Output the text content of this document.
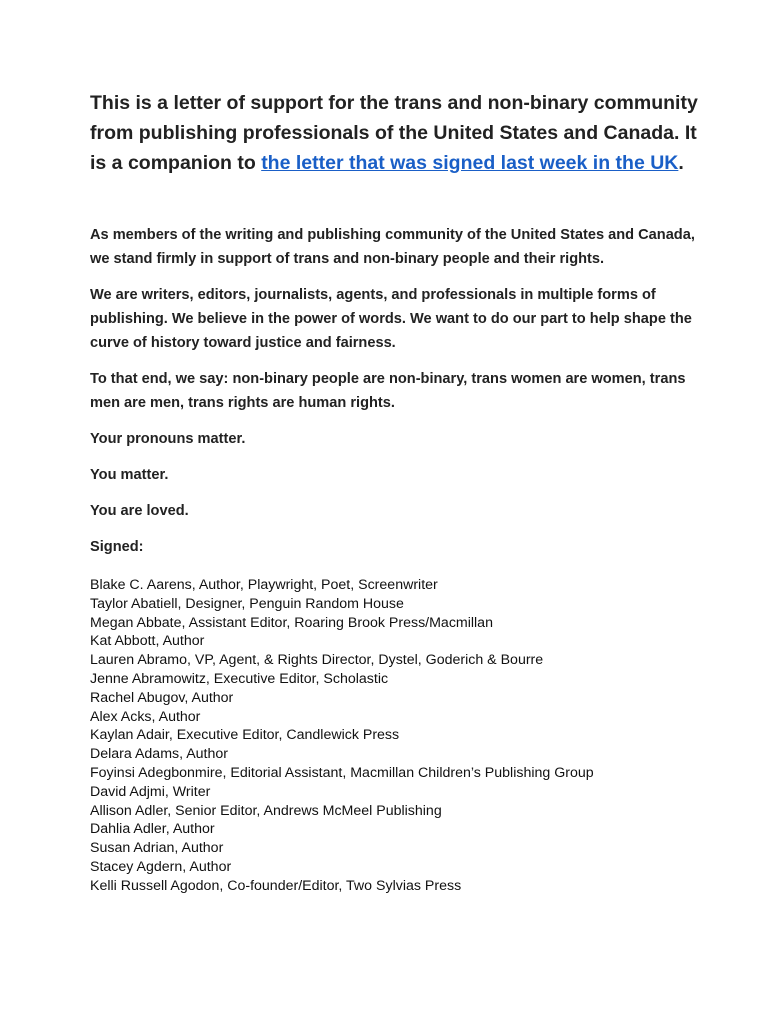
This is a letter of support for the trans and non-binary community from publishing professionals of the United States and Canada. It is a companion to the letter that was signed last week in the UK.

As members of the writing and publishing community of the United States and Canada, we stand firmly in support of trans and non-binary people and their rights.

We are writers, editors, journalists, agents, and professionals in multiple forms of publishing. We believe in the power of words. We want to do our part to help shape the curve of history toward justice and fairness.

To that end, we say: non-binary people are non-binary, trans women are women, trans men are men, trans rights are human rights.

Your pronouns matter.

You matter.

You are loved.

Signed:

Blake C. Aarens, Author, Playwright, Poet, Screenwriter
Taylor Abatiell, Designer, Penguin Random House
Megan Abbate, Assistant Editor, Roaring Brook Press/Macmillan
Kat Abbott, Author
Lauren Abramo, VP, Agent, & Rights Director, Dystel, Goderich & Bourre
Jenne Abramowitz, Executive Editor, Scholastic
Rachel Abugov, Author
Alex Acks, Author
Kaylan Adair, Executive Editor, Candlewick Press
Delara Adams, Author
Foyinsi Adegbonmire, Editorial Assistant, Macmillan Children’s Publishing Group
David Adjmi, Writer
Allison Adler, Senior Editor, Andrews McMeel Publishing
Dahlia Adler, Author
Susan Adrian, Author
Stacey Agdern, Author
Kelli Russell Agodon, Co-founder/Editor, Two Sylvias Press
